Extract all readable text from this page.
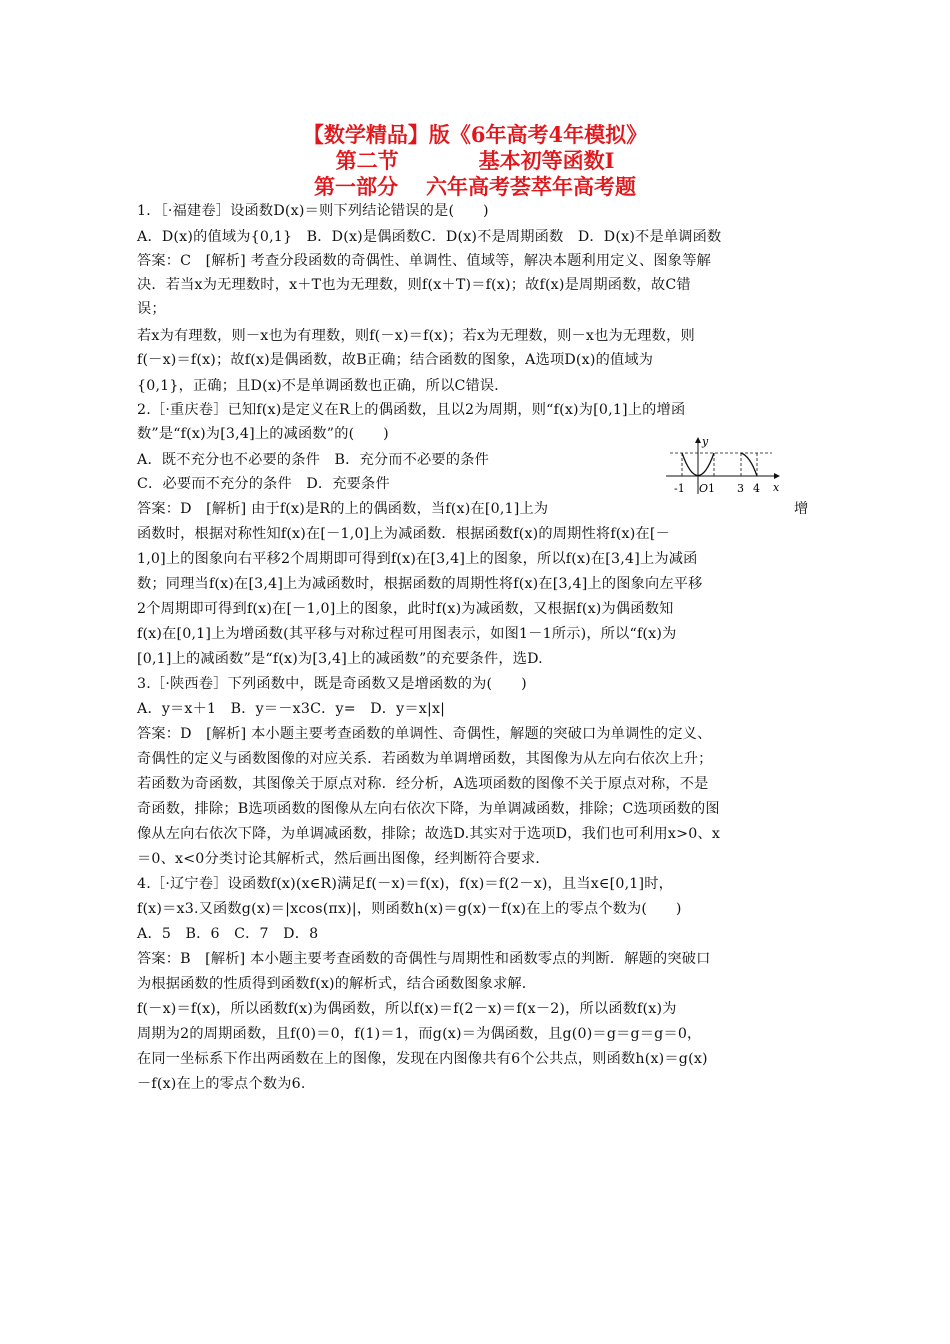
【数学精品】版《6年高考4年模拟》
第二节	基本初等函数Ⅰ
第一部分 六年高考荟萃年高考题
1．［·福建卷］设函数D(x)＝则下列结论错误的是(　　)
A．D(x)的值域为{0,1}　B．D(x)是偶函数C．D(x)不是周期函数　D．D(x)不是单调函数
答案：C　[解析] 考查分段函数的奇偶性、单调性、值域等，解决本题利用定义、图象等解
决．若当x为无理数时，x＋T也为无理数，则f(x＋T)＝f(x)；故f(x)是周期函数，故C错
误；
若x为有理数，则－x也为有理数，则f(－x)＝f(x)；若x为无理数，则－x也为无理数，则
f(－x)＝f(x)；故f(x)是偶函数，故B正确；结合函数的图象，A选项D(x)的值域为
{0,1}，正确；且D(x)不是单调函数也正确，所以C错误．
2.［·重庆卷］已知f(x)是定义在R上的偶函数，且以2为周期，则“f(x)为[0,1]上的增函
数”是“f(x)为[3,4]上的减函数”的(　　)
A．既不充分也不必要的条件　B．充分而不必要的条件
C．必要而不充分的条件　D．充要条件
答案：D　[解析] 由于f(x)是R的上的偶函数，当f(x)在[0,1]上为	增
函数时，根据对称性知f(x)在[－1,0]上为减函数．根据函数f(x)的周期性将f(x)在[－
1,0]上的图象向右平移2个周期即可得到f(x)在[3,4]上的图象，所以f(x)在[3,4]上为减函
数；同理当f(x)在[3,4]上为减函数时，根据函数的周期性将f(x)在[3,4]上的图象向左平移
2个周期即可得到f(x)在[－1,0]上的图象，此时f(x)为减函数，又根据f(x)为偶函数知
f(x)在[0,1]上为增函数(其平移与对称过程可用图表示，如图1－1所示)，所以“f(x)为
[0,1]上的减函数”是“f(x)为[3,4]上的减函数”的充要条件，选D.
3.［·陕西卷］下列函数中，既是奇函数又是增函数的为(　　)
A．y＝x＋1　B．y＝－x3C．y=　D．y＝x|x|
答案：D　[解析] 本小题主要考查函数的单调性、奇偶性，解题的突破口为单调性的定义、
奇偶性的定义与函数图像的对应关系．若函数为单调增函数，其图像为从左向右依次上升；
若函数为奇函数，其图像关于原点对称．经分析，A选项函数的图像不关于原点对称，不是
奇函数，排除；B选项函数的图像从左向右依次下降，为单调减函数，排除；C选项函数的图
像从左向右依次下降，为单调减函数，排除；故选D.其实对于选项D，我们也可利用x>0、x
＝0、x<0分类讨论其解析式，然后画出图像，经判断符合要求．
4.［·辽宁卷］设函数f(x)(x∈R)满足f(－x)＝f(x)，f(x)＝f(2－x)，且当x∈[0,1]时，
f(x)＝x3.又函数g(x)＝|xcos(πx)|，则函数h(x)＝g(x)－f(x)在上的零点个数为(　　)
A．5　B．6　C．7　D．8
答案：B　[解析] 本小题主要考查函数的奇偶性与周期性和函数零点的判断．解题的突破口
为根据函数的性质得到函数f(x)的解析式，结合函数图象求解．
f(－x)＝f(x)，所以函数f(x)为偶函数，所以f(x)＝f(2－x)＝f(x－2)，所以函数f(x)为
周期为2的周期函数，且f(0)＝0，f(1)＝1，而g(x)＝为偶函数，且g(0)＝g＝g＝g＝0，
在同一坐标系下作出两函数在上的图像，发现在内图像共有6个公共点，则函数h(x)＝g(x)
－f(x)在上的零点个数为6.
y
x
-1 O 1 3 4
